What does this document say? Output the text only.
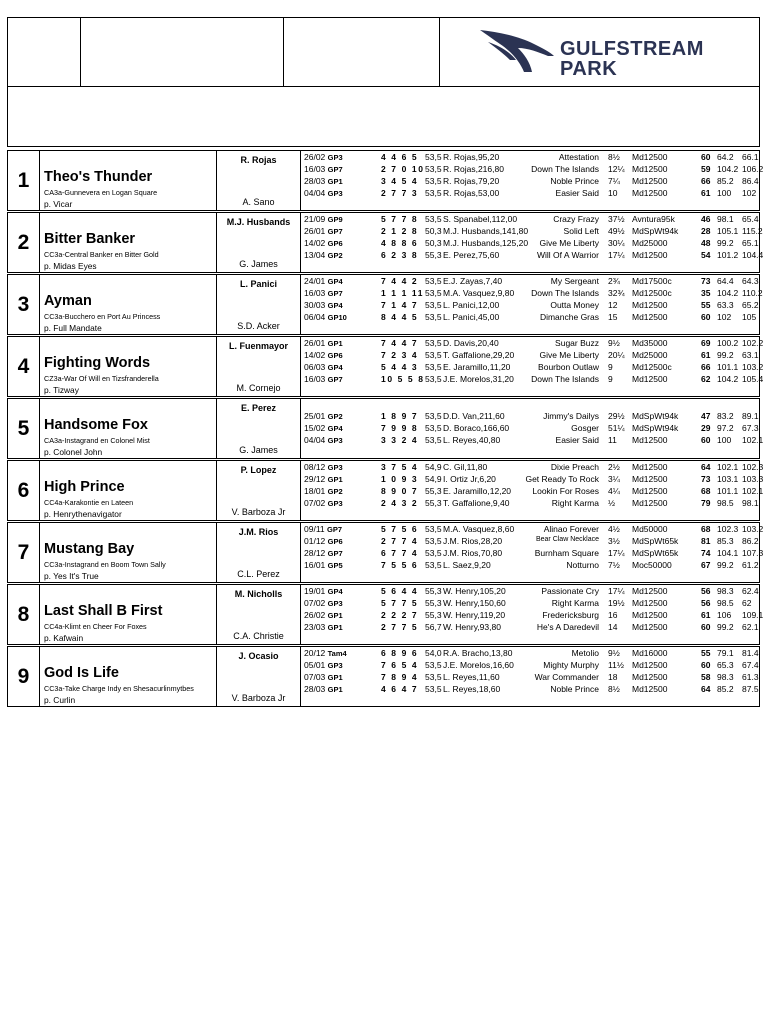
GULFSTREAM
PARK
1	Theo's Thunder
CA3a-Gunnevera en Logan Square
p. Vicar
R. Rojas
A. Sano
26/02 GP3	4 4 6 5 53,5 R. Rojas,95,20	Attestation 8½ Md12500	60 64.2 66.1
16/03 GP7	2 7 0 10 53,5 R. Rojas,216,80	Down The Islands 12¼ Md12500	59 104.2 106.2
28/03 GP1	3 4 5 4 53,5 R. Rojas,79,20	Noble Prince 7¼ Md12500	66 85.2 86.4
04/04 GP3	2 7 7 3 53,5 R. Rojas,53,00	Easier Said 10 Md12500	61 100 102
2	Bitter Banker
CC3a-Central Banker en Bitter Gold
p. Midas Eyes
M.J. Husbands
G. James
21/09 GP9	5 7 7 8 53,5 S. Spanabel,112,00	Crazy Frazy 37½ Avntura95k	46 98.1 65.4
26/01 GP7	2 1 2 8 50,3 M.J. Husbands,141,80	Solid Left 49½ MdSpWt94k	28 105.1 115.2
14/02 GP6	4 8 8 6 50,3 M.J. Husbands,125,20 Give Me Liberty 30¼ Md25000	48 99.2 65.1
13/04 GP2	6 2 3 8 55,3 E. Perez,75,60	Will Of A Warrior 17¼ Md12500	54 101.2 104.4
3	Ayman
CC3a-Bucchero en Port Au Princess
p. Full Mandate
L. Panici
S.D. Acker
24/01 GP4	7 4 4 2 53,5 E.J. Zayas,7,40	My Sergeant 2¾ Md17500c	73 64.4 64.3
16/03 GP7	1 1 1 11 53,5 M.A. Vasquez,9,80 Down The Islands 32¾ Md12500c	35 104.2 110.2
30/03 GP4	7 1 4 7 53,5 L. Panici,12,00	Outta Money 12 Md12500	55 63.3 65.2
06/04 GP10	8 4 4 5 53,5 L. Panici,45,00	Dimanche Gras 15 Md12500	60 102 105
4	Fighting Words
CZ3a-War Of Will en Tizsfranderella
p. Tizway
L. Fuenmayor
M. Cornejo
26/01 GP1	7 4 4 7 53,5 D. Davis,20,40	Sugar Buzz 9½ Md35000	69 100.2 102.2
14/02 GP6	7 2 3 4 53,5 T. Gaffalione,29,20	Give Me Liberty 20¼ Md25000	61 99.2 63.1
06/03 GP4	5 4 4 3 53,5 E. Jaramillo,11,20	Bourbon Outlaw 9 Md12500c	66 101.1 103.2
16/03 GP7	10 5 5 8 53,5 J.E. Morelos,31,20 Down The Islands 9 Md12500	62 104.2 105.4
5	Handsome Fox
CA3a-Instagrand en Colonel Mist
p. Colonel John
E. Perez
G. James
25/01 GP2	1 8 9 7 53,5 D.D. Van,211,60	Jimmy's Dailys 29½ MdSpWt94k	47 83.2 89.1
15/02 GP4	7 9 9 8 53,5 D. Boraco,166,60	Gosger 51¼ MdSpWt94k	29 97.2 67.3
04/04 GP3	3 3 2 4 53,5 L. Reyes,40,80	Easier Said 11 Md12500	60 100 102.1
6	High Prince
CC4a-Karakontie en Lateen
p. Henrythenavigator
P. Lopez
V. Barboza Jr
08/12 GP3	3 7 5 4 54,9 C. Gil,11,80	Dixie Preach 2½ Md12500	64 102.1 102.3
29/12 GP1	1 0 9 3 54,9 I. Ortiz Jr,6,20	Get Ready To Rock 3¼ Md12500	73 103.1 103.3
18/01 GP2	8 9 0 7 55,3 E. Jaramillo,12,20	Lookin For Roses 4¼ Md12500	68 101.1 102.1
07/02 GP3	2 4 3 2 55,3 T. Gaffalione,9,40	Right Karma ½ Md12500	79 98.5 98.1
7	Mustang Bay
CC3a-Instagrand en Boom Town Sally
p. Yes It's True
J.M. Rios
C.L. Perez
09/11 GP7	5 7 5 6 53,5 M.A. Vasquez,8,60	Alinao Forever 4½ Md50000	68 102.3 103.2
01/12 GP6	2 7 7 4 53,5 J.M. Rios,28,20	Bear Claw Necklace 3½ MdSpWt65k	81 85.3 86.2
28/12 GP7	6 7 7 4 53,5 J.M. Rios,70,80	Burnham Square 17¼ MdSpWt65k	74 104.1 107.3
16/01 GP5	7 5 5 6 53,5 L. Saez,9,20	Notturno 7½ Moc50000	67 99.2 61.2
8	Last Shall B First
CC4a-Klimt en Cheer For Foxes
p. Kafwain
M. Nicholls
C.A. Christie
19/01 GP4	5 6 4 4 55,3 W. Henry,105,20	Passionate Cry 17¼ Md12500	56 98.3 62.4
07/02 GP3	5 7 7 5 55,3 W. Henry,150,60	Right Karma 19½ Md12500	56 98.5 62
26/02 GP1	2 2 2 7 55,3 W. Henry,119,20	Fredericksburg 16 Md12500	61 106 109.1
23/03 GP1	2 7 7 5 56,7 W. Henry,93,80	He's A Daredevil 14 Md12500	60 99.2 62.1
9	God Is Life
CC3a-Take Charge Indy en Shesacurlinmytbes
p. Curlin
J. Ocasio
V. Barboza Jr
20/12 Tam4	6 8 9 6 54,0 R.A. Bracho,13,80	Metolio 9½ Md16000	55 79.1 81.4
05/01 GP3	7 6 5 4 53,5 J.E. Morelos,16,60	Mighty Murphy 11½ Md12500	60 65.3 67.4
07/03 GP1	7 8 9 4 53,5 L. Reyes,11,60	War Commander 18 Md12500	58 98.3 61.3
28/03 GP1	4 6 4 7 53,5 L. Reyes,18,60	Noble Prince 8½ Md12500	64 85.2 87.5
